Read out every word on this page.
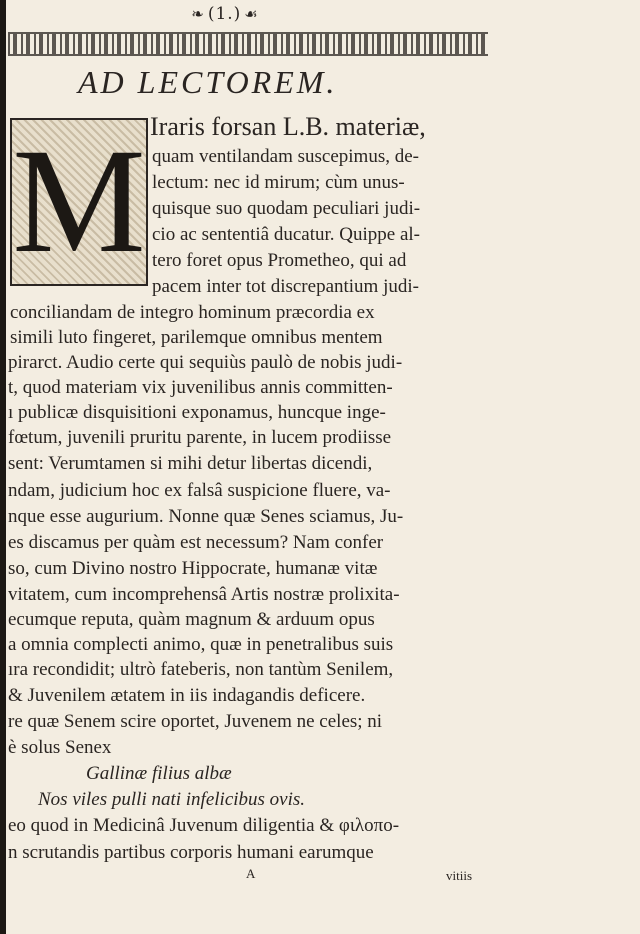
❧ (1.) ☙
AD LECTOREM.
M Iraris forsan L.B. materiæ,
quam ventilandam suscepimus, de-
lectum: nec id mirum; cùm unus-
quisque suo quodam peculiari judi-
cio ac sententiâ ducatur. Quippe al-
tero foret opus Prometheo, qui ad
pacem inter tot discrepantium judi-
conciliandam de integro hominum præcordia ex
simili luto fingeret, parilemque omnibus mentem
pirarct. Audio certe qui sequiùs paulò de nobis judi-
t, quod materiam vix juvenilibus annis committen-
ı publicæ disquisitioni exponamus, huncque inge-
fœtum, juvenili pruritu parente, in lucem prodiisse
sent: Verumtamen si mihi detur libertas dicendi,
ndam, judicium hoc ex falsâ suspicione fluere, va-
nque esse augurium. Nonne quæ Senes sciamus, Ju-
es discamus per quàm est necessum? Nam confer
so, cum Divino nostro Hippocrate, humanæ vitæ
vitatem, cum incomprehensâ Artis nostræ prolixita-
ecumque reputa, quàm magnum & arduum opus
a omnia complecti animo, quæ in penetralibus suis
ıra recondidit; ultrò fateberis, non tantùm Senilem,
& Juvenilem ætatem in iis indagandis deficere.
re quæ Senem scire oportet, Juvenem ne celes; ni
è solus Senex
Gallinæ filius albæ
Nos viles pulli nati infelicibus ovis.
eo quod in Medicinâ Juvenum diligentia & φιλοπο-
n scrutandis partibus corporis humani earumque
A	vitiis
